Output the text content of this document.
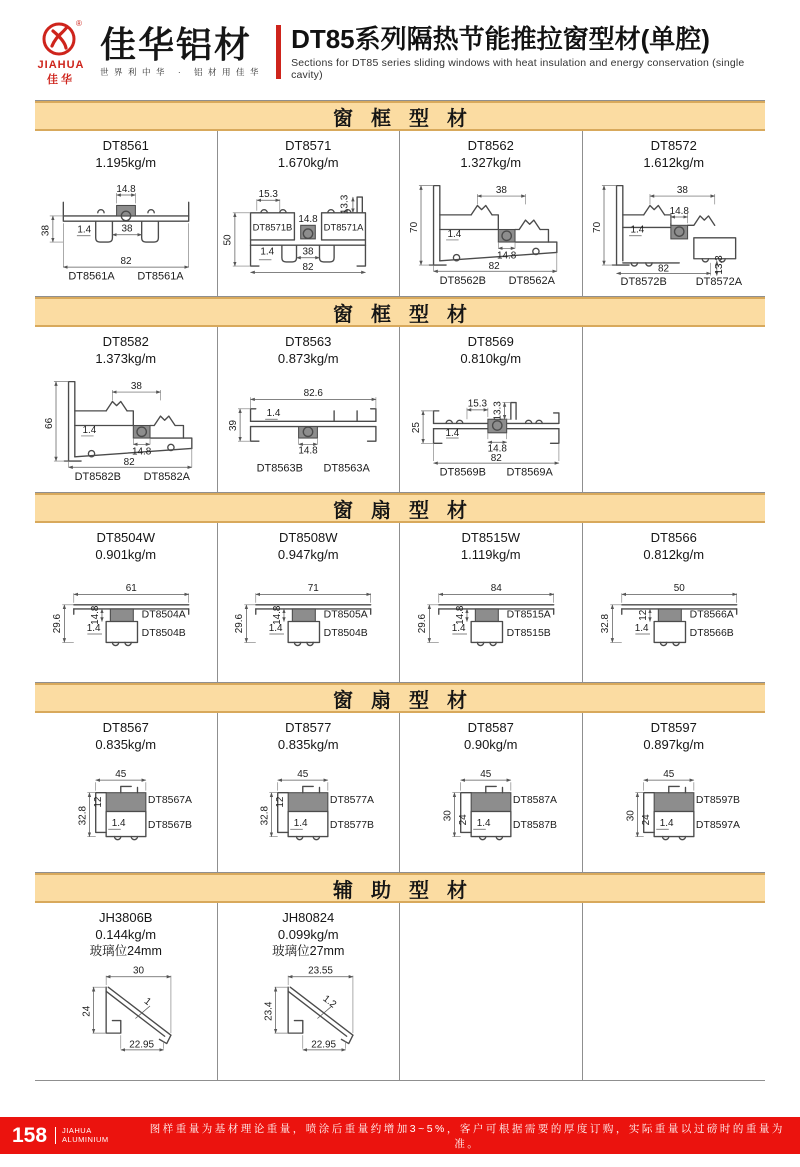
®
JIAHUA
佳华
佳华铝材
世界利中华 · 铝材用佳华
DT85系列隔热节能推拉窗型材(单腔)
Sections for DT85 series sliding windows with heat insulation and energy conservation (single cavity)
窗框型材
DT8561
1.195kg/m
14.8
38	1.4	38
82
DT8561A DT8561A
DT8571
1.670kg/m
15.3
13.3
14.8
50
1.4	38
82
DT8571B	DT8571A
DT8562
1.327kg/m
38
70
1.4
14.8
82
DT8562B DT8562A
DT8572
1.612kg/m
38
70
14.8
1.4
82	13.3
DT8572B	DT8572A
窗框型材
DT8582
1.373kg/m
38
66
1.4
14.8
82
DT8582B DT8582A
DT8563
0.873kg/m
82.6
1.4
39
14.8
DT8563B DT8563A
DT8569
0.810kg/m
15.3 13.3
25
1.4
14.8
82
DT8569B DT8569A
窗扇型材
DT8504W
0.901kg/m
61
29.6	14.8
1.4
DT8504A
DT8504B
DT8508W
0.947kg/m
71
29.6	14.8
1.4
DT8505A
DT8504B
DT8515W
1.119kg/m
84
29.6	14.8
1.4
DT8515A
DT8515B
DT8566
0.812kg/m
50
32.8	12
1.4
DT8566A
DT8566B
窗扇型材
DT8567
0.835kg/m
45
32.8
12
1.4
DT8567A
DT8567B
DT8577
0.835kg/m
45
32.8
12
1.4
DT8577A
DT8577B
DT8587
0.90kg/m
45
30 24 1.4
DT8587A
DT8587B
DT8597
0.897kg/m
45
30 24 1.4
DT8597B
DT8597A
辅助型材
JH3806B
0.144kg/m
玻璃位24mm
30
24
22.95
1
JH80824
0.099kg/m
玻璃位27mm
23.55
23.4
22.95
1.2
158	JIAHUA
ALUMINIUM
图样重量为基材理论重量，喷涂后重量约增加3~5%，客户可根据需要的厚度订购，实际重量以过磅时的重量为准。
